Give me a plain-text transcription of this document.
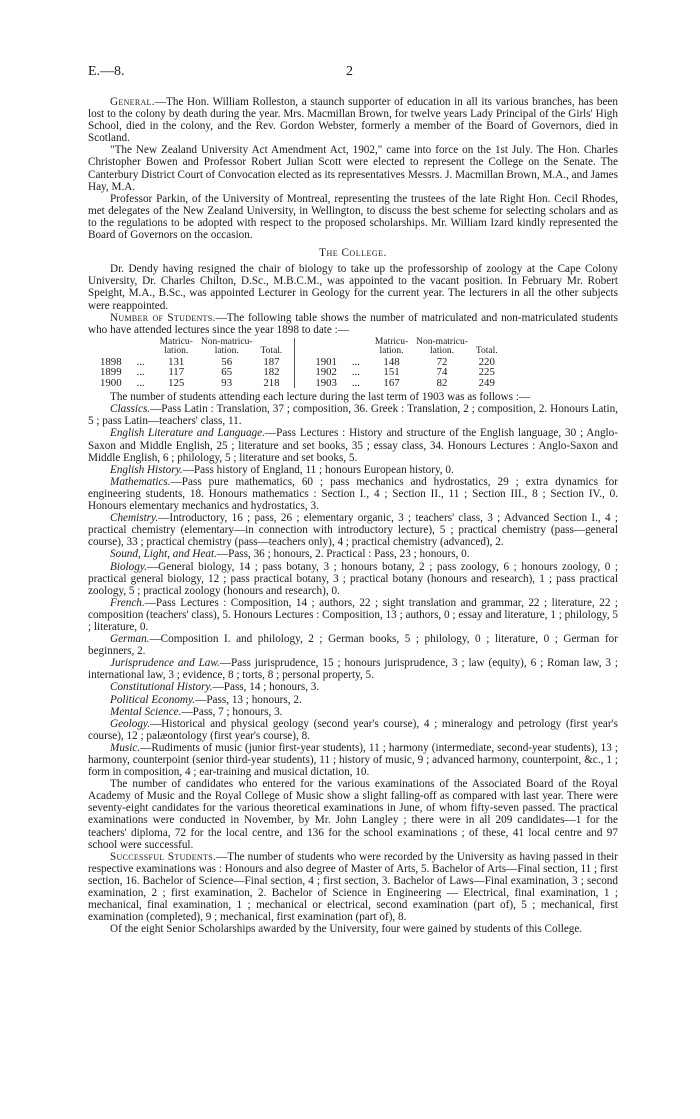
E.—8.	2

General.—The Hon. William Rolleston, a staunch supporter of education in all its various branches, has been lost to the colony by death during the year. Mrs. Macmillan Brown, for twelve years Lady Principal of the Girls' High School, died in the colony, and the Rev. Gordon Webster, formerly a member of the Board of Governors, died in Scotland.

"The New Zealand University Act Amendment Act, 1902," came into force on the 1st July. The Hon. Charles Christopher Bowen and Professor Robert Julian Scott were elected to represent the College on the Senate. The Canterbury District Court of Convocation elected as its representatives Messrs. J. Macmillan Brown, M.A., and James Hay, M.A.

Professor Parkin, of the University of Montreal, representing the trustees of the late Right Hon. Cecil Rhodes, met delegates of the New Zealand University, in Wellington, to discuss the best scheme for selecting scholars and as to the regulations to be adopted with respect to the proposed scholarships. Mr. William Izard kindly represented the Board of Governors on the occasion.

The College.

Dr. Dendy having resigned the chair of biology to take up the professorship of zoology at the Cape Colony University, Dr. Charles Chilton, D.Sc., M.B.C.M., was appointed to the vacant position. In February Mr. Robert Speight, M.A., B.Sc., was appointed Lecturer in Geology for the current year. The lecturers in all the other subjects were reappointed.

Number of Students.—The following table shows the number of matriculated and non-matriculated students who have attended lectures since the year 1898 to date :—

		Matricu-
lation.	Non-matricu-
lation.	Total.					Matricu-
lation.	Non-matricu-
lation.	Total.
1898	...	131	56	187			1901	...	148	72	220
1899	...	117	65	182			1902	...	151	74	225
1900	...	125	93	218			1903	...	167	82	249

The number of students attending each lecture during the last term of 1903 was as follows :—

Classics.—Pass Latin : Translation, 37 ; composition, 36. Greek : Translation, 2 ; composition, 2. Honours Latin, 5 ; pass Latin—teachers' class, 11.

English Literature and Language.—Pass Lectures : History and structure of the English language, 30 ; Anglo-Saxon and Middle English, 25 ; literature and set books, 35 ; essay class, 34. Honours Lectures : Anglo-Saxon and Middle English, 6 ; philology, 5 ; literature and set books, 5.

English History.—Pass history of England, 11 ; honours European history, 0.

Mathematics.—Pass pure mathematics, 60 ; pass mechanics and hydrostatics, 29 ; extra dynamics for engineering students, 18. Honours mathematics : Section I., 4 ; Section II., 11 ; Section III., 8 ; Section IV., 0. Honours elementary mechanics and hydrostatics, 3.

Chemistry.—Introductory, 16 ; pass, 26 ; elementary organic, 3 ; teachers' class, 3 ; Advanced Section I., 4 ; practical chemistry (elementary—in connection with introductory lecture), 5 ; practical chemistry (pass—general course), 33 ; practical chemistry (pass—teachers only), 4 ; practical chemistry (advanced), 2.

Sound, Light, and Heat.—Pass, 36 ; honours, 2. Practical : Pass, 23 ; honours, 0.

Biology.—General biology, 14 ; pass botany, 3 ; honours botany, 2 ; pass zoology, 6 ; honours zoology, 0 ; practical general biology, 12 ; pass practical botany, 3 ; practical botany (honours and research), 1 ; pass practical zoology, 5 ; practical zoology (honours and research), 0.

French.—Pass Lectures : Composition, 14 ; authors, 22 ; sight translation and grammar, 22 ; literature, 22 ; composition (teachers' class), 5. Honours Lectures : Composition, 13 ; authors, 0 ; essay and literature, 1 ; philology, 5 ; literature, 0.

German.—Composition I. and philology, 2 ; German books, 5 ; philology, 0 ; literature, 0 ; German for beginners, 2.

Jurisprudence and Law.—Pass jurisprudence, 15 ; honours jurisprudence, 3 ; law (equity), 6 ; Roman law, 3 ; international law, 3 ; evidence, 8 ; torts, 8 ; personal property, 5.

Constitutional History.—Pass, 14 ; honours, 3.

Political Economy.—Pass, 13 ; honours, 2.

Mental Science.—Pass, 7 ; honours, 3.

Geology.—Historical and physical geology (second year's course), 4 ; mineralogy and petrology (first year's course), 12 ; palæontology (first year's course), 8.

Music.—Rudiments of music (junior first-year students), 11 ; harmony (intermediate, second-year students), 13 ; harmony, counterpoint (senior third-year students), 11 ; history of music, 9 ; advanced harmony, counterpoint, &c., 1 ; form in composition, 4 ; ear-training and musical dictation, 10.

The number of candidates who entered for the various examinations of the Associated Board of the Royal Academy of Music and the Royal College of Music show a slight falling-off as compared with last year. There were seventy-eight candidates for the various theoretical examinations in June, of whom fifty-seven passed. The practical examinations were conducted in November, by Mr. John Langley ; there were in all 209 candidates—1 for the teachers' diploma, 72 for the local centre, and 136 for the school examinations ; of these, 41 local centre and 97 school were successful.

Successful Students.—The number of students who were recorded by the University as having passed in their respective examinations was : Honours and also degree of Master of Arts, 5. Bachelor of Arts—Final section, 11 ; first section, 16. Bachelor of Science—Final section, 4 ; first section, 3. Bachelor of Laws—Final examination, 3 ; second examination, 2 ; first examination, 2. Bachelor of Science in Engineering — Electrical, final examination, 1 ; mechanical, final examination, 1 ; mechanical or electrical, second examination (part of), 5 ; mechanical, first examination (completed), 9 ; mechanical, first examination (part of), 8.

Of the eight Senior Scholarships awarded by the University, four were gained by students of this College.
